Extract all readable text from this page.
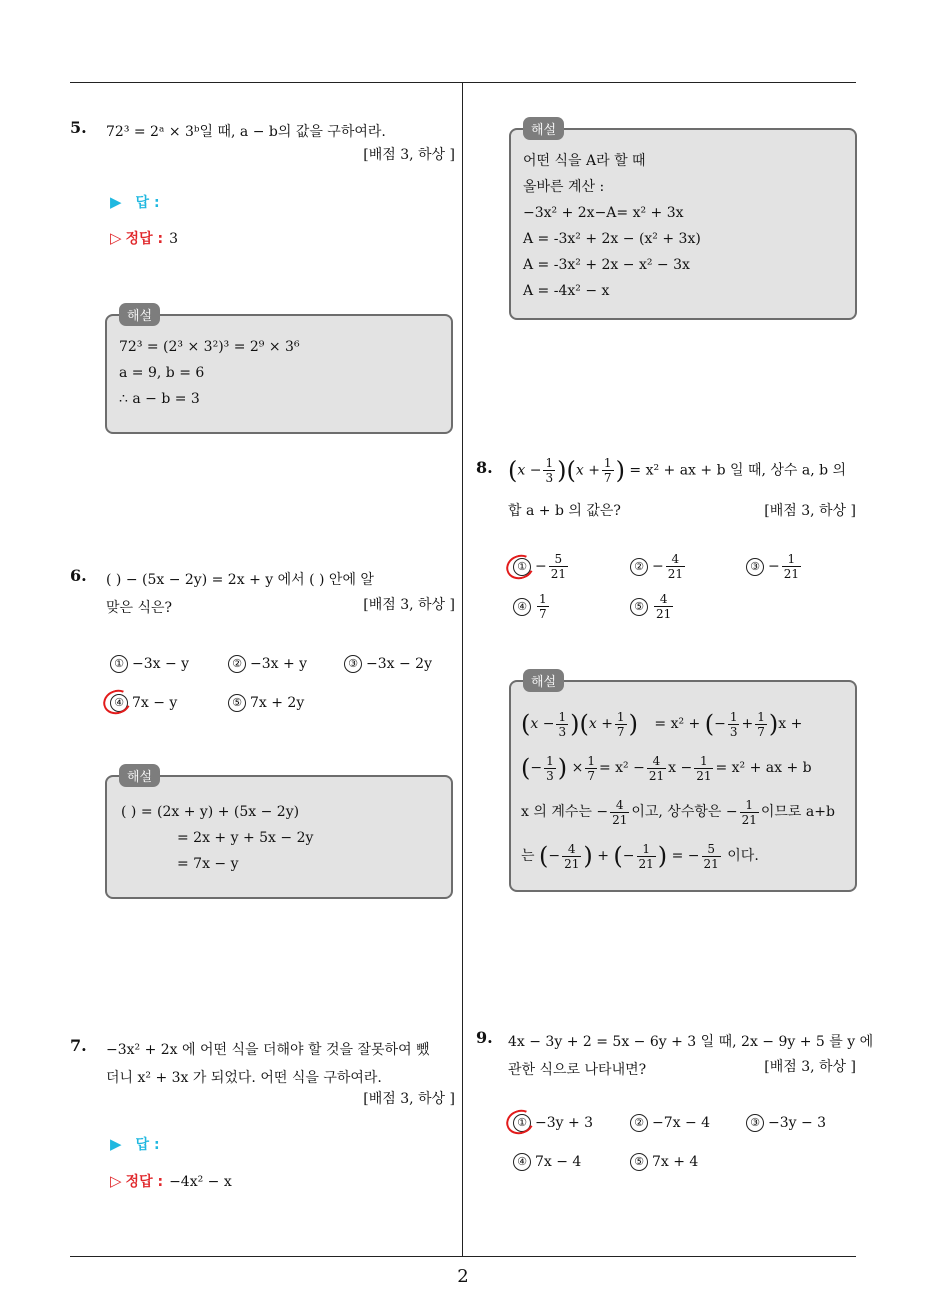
2
5. 72³ = 2ᵃ × 3ᵇ일 때, a − b의 값을 구하여라.
[배점 3, 하상 ]
▶ 답 :
▷ 정답 : 3
해설
72³ = (2³ × 3²)³ = 2⁹ × 3⁶
a = 9, b = 6
∴ a − b = 3
6. ( ) − (5x − 2y) = 2x + y 에서 ( ) 안에 알
맞은 식은?	[배점 3, 하상 ]
① −3x − y	② −3x + y	③ −3x − 2y
④ 7x − y	⑤ 7x + 2y
해설
( ) = (2x + y) + (5x − 2y)
= 2x + y + 5x − 2y
= 7x − y
7. −3x² + 2x 에 어떤 식을 더해야 할 것을 잘못하여 뺐
더니 x² + 3x 가 되었다. 어떤 식을 구하여라.
[배점 3, 하상 ]
▶ 답 :
▷ 정답 : −4x² − x
해설
어떤 식을 A라 할 때
올바른 계산 :
−3x² + 2x−A= x² + 3x
A = -3x² + 2x − (x² + 3x)
A = -3x² + 2x − x² − 3x
A = -4x² − x
8. $(x - \frac{1}{3} )(x + \frac{1}{7}$ ) = x² + ax + b 일 때, 상수 a, b 의
합 a + b 의 값은?	[배점 3, 하상 ]
① − $\frac{5}{21}$	② − $\frac{4}{21}$	③ − $\frac{1}{21}$
④ $\frac{1}{7}$	⑤ $\frac{4}{21}$
해설
$(x - \frac{1}{3} )(x + \frac{1}{7}$ ) = x² + (− $\frac{1}{3} + \frac{1}{7} )x$ +
(− $\frac{1}{3}$ ) × $\frac{1}{7} = x^2 - \frac{4}{21}$ $x - \frac{1}{21} = x^2$ + ax + b
x 의 계수는 − $\frac{4}{21}$ 이고, 상수항은 − $\frac{1}{21}$ 이므로 a+b
는 (− $\frac{4}{21}$ ) + (− $\frac{1}{21}$ ) = − $\frac{5}{21}$ 이다.
9. 4x − 3y + 2 = 5x − 6y + 3 일 때, 2x − 9y + 5 를 y 에
관한 식으로 나타내면?	[배점 3, 하상 ]
① −3y + 3	② −7x − 4	③ −3y − 3
④ 7x − 4	⑤ 7x + 4
